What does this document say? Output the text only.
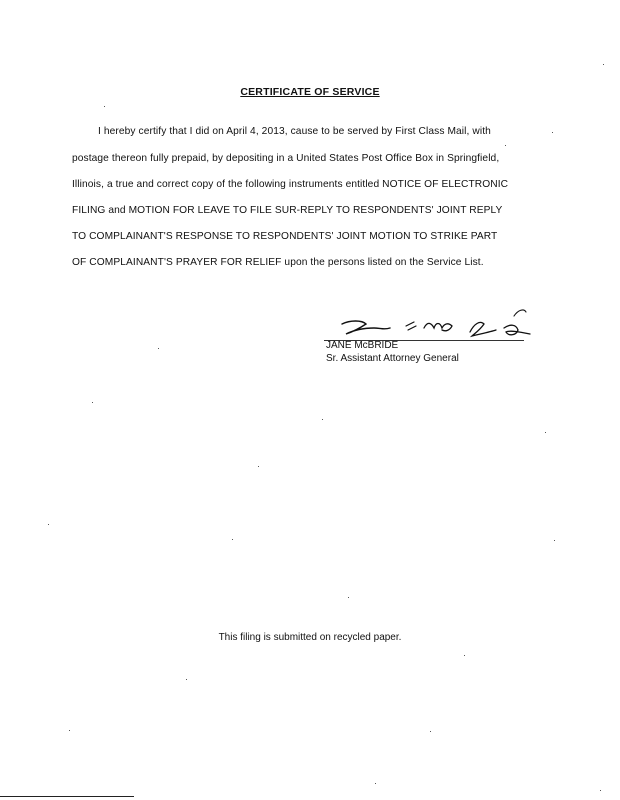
CERTIFICATE OF SERVICE
I hereby certify that I did on April 4, 2013, cause to be served by First Class Mail, with
postage thereon fully prepaid, by depositing in a United States Post Office Box in Springfield,
Illinois, a true and correct copy of the following instruments entitled NOTICE OF ELECTRONIC
FILING and MOTION FOR LEAVE TO FILE SUR-REPLY TO RESPONDENTS' JOINT REPLY
TO COMPLAINANT'S RESPONSE TO RESPONDENTS' JOINT MOTION TO STRIKE PART
OF COMPLAINANT'S PRAYER FOR RELIEF upon the persons listed on the Service List.
JANE McBRIDE
Sr. Assistant Attorney General
This filing is submitted on recycled paper.
